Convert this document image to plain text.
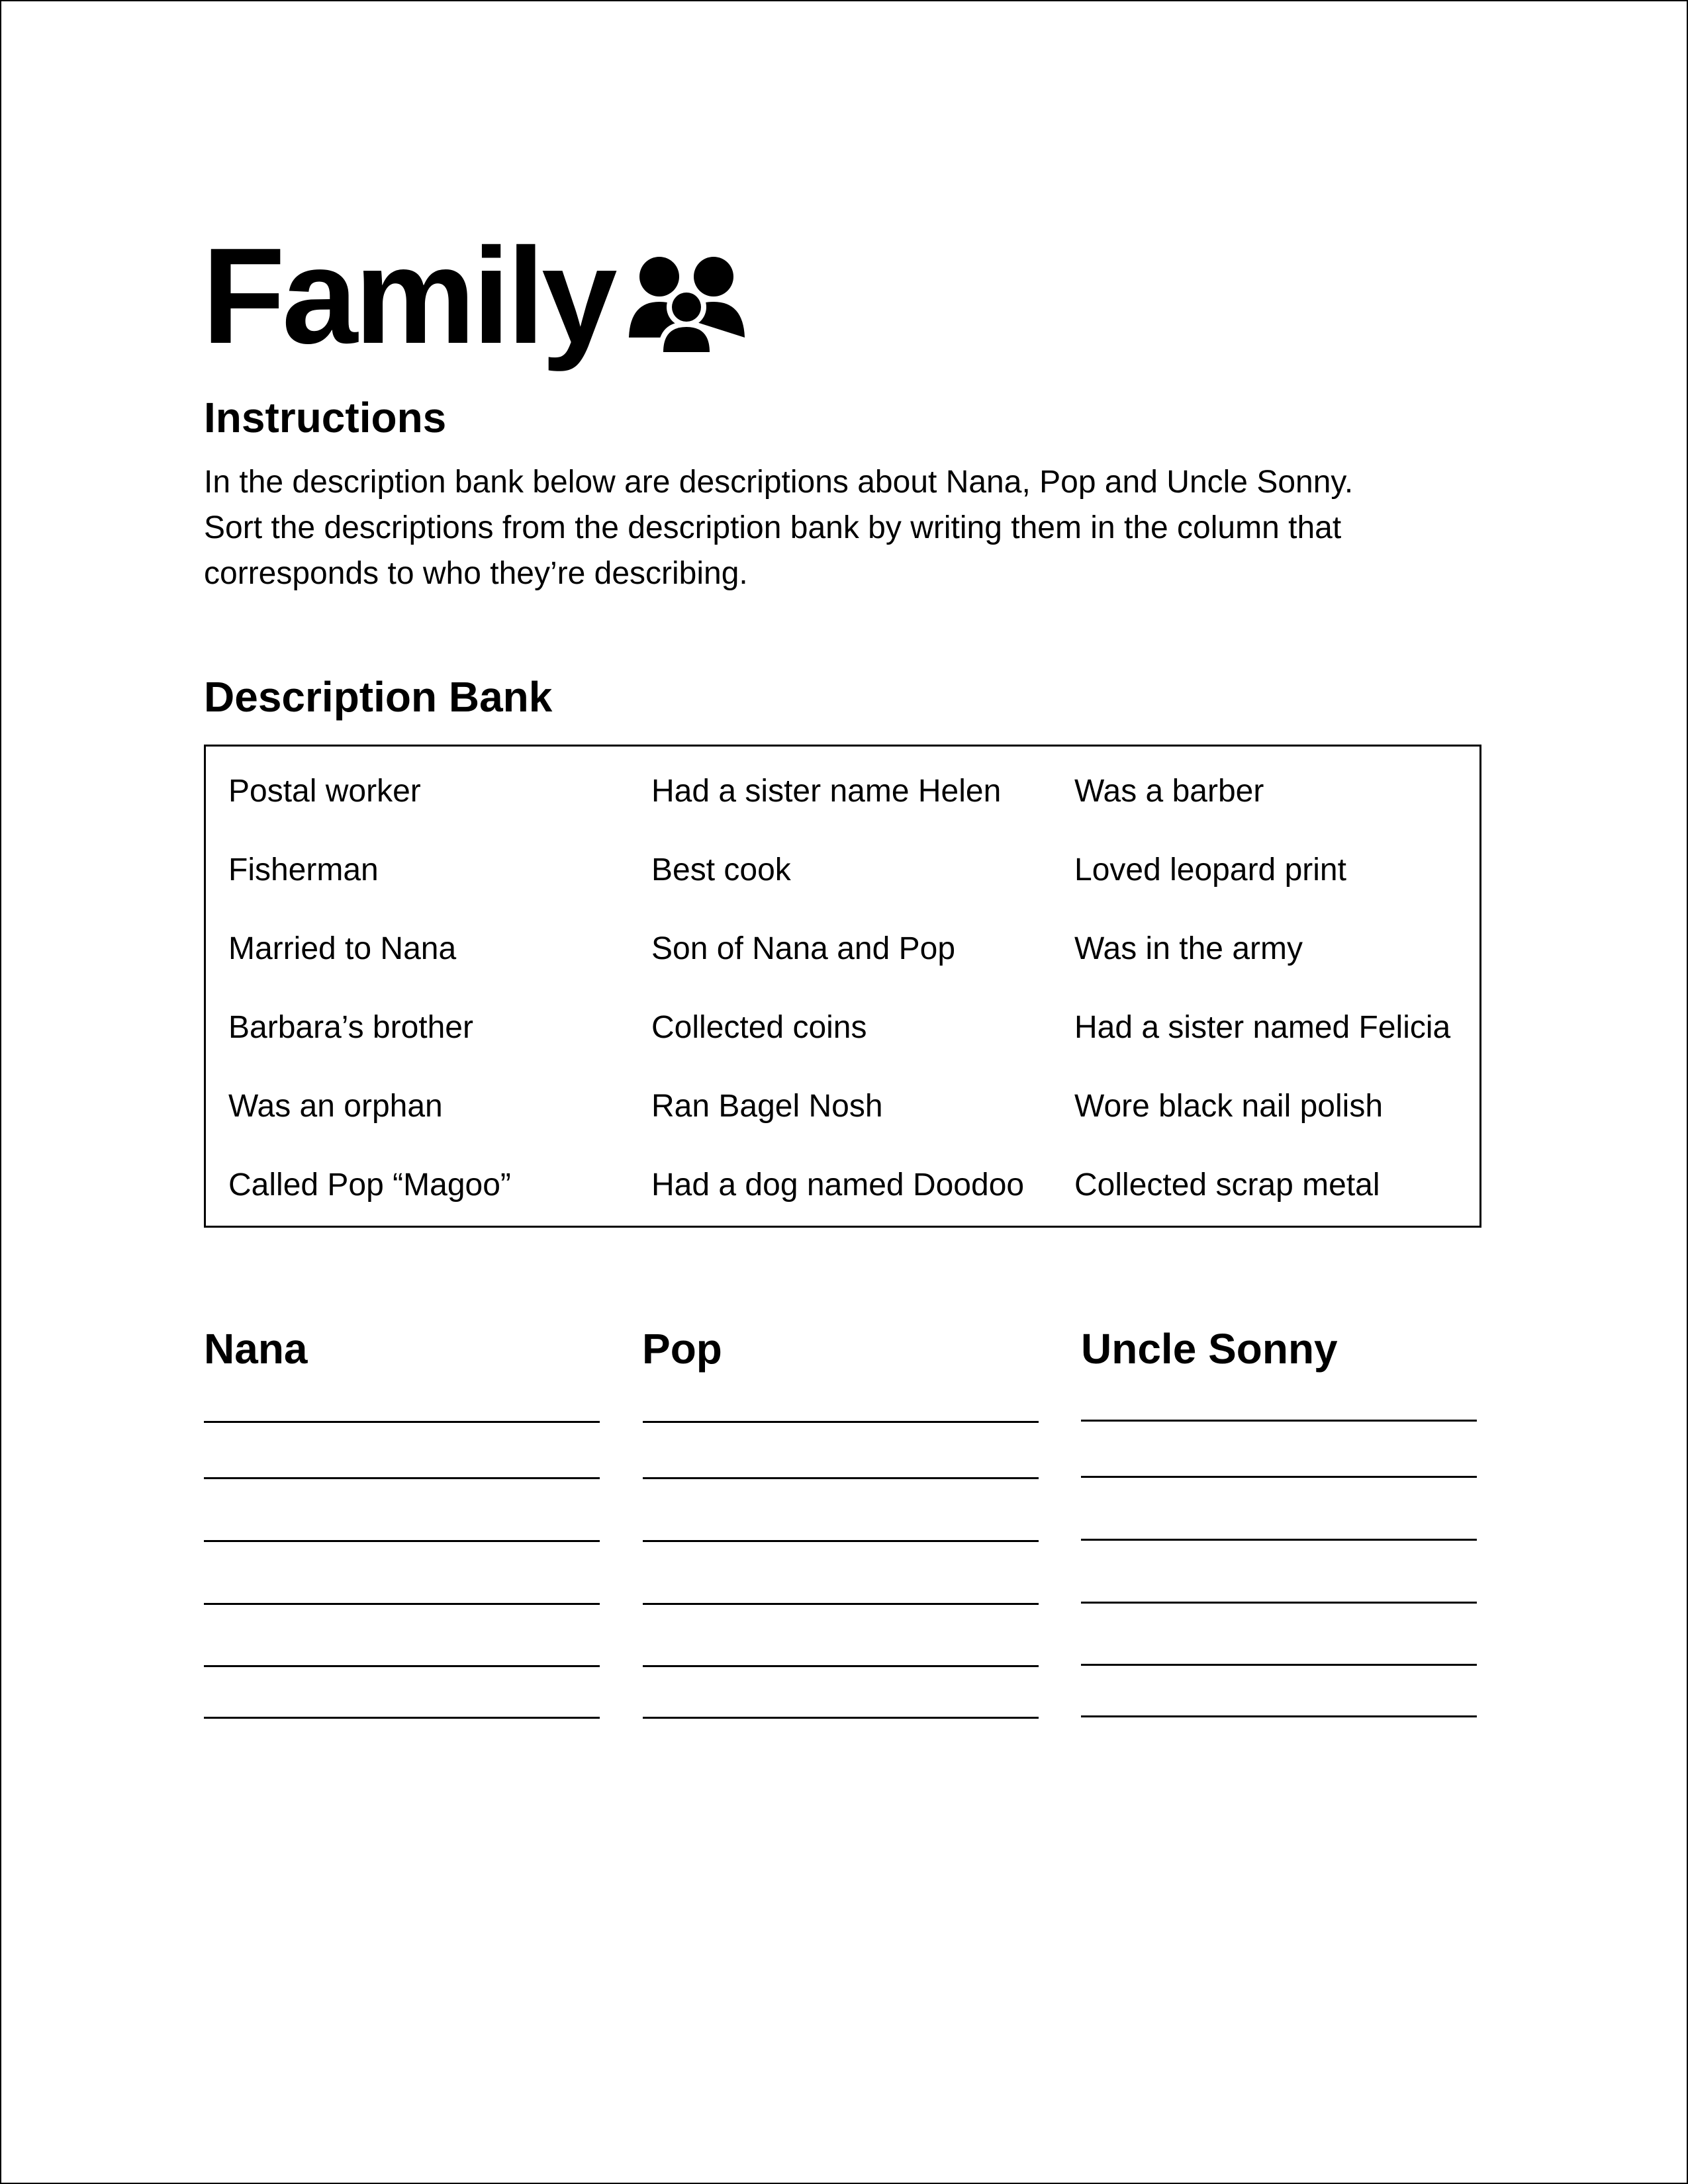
Family
Instructions
In the description bank below are descriptions about Nana, Pop and Uncle Sonny.
Sort the descriptions from the description bank by writing them in the column that
corresponds to who they’re describing.
Description Bank
Postal worker
Fisherman
Married to Nana
Barbara’s brother
Was an orphan
Called Pop “Magoo”
Had a sister name Helen
Best cook
Son of Nana and Pop
Collected coins
Ran Bagel Nosh
Had a dog named Doodoo
Was a barber
Loved leopard print
Was in the army
Had a sister named Felicia
Wore black nail polish
Collected scrap metal
Nana	Pop	Uncle Sonny
